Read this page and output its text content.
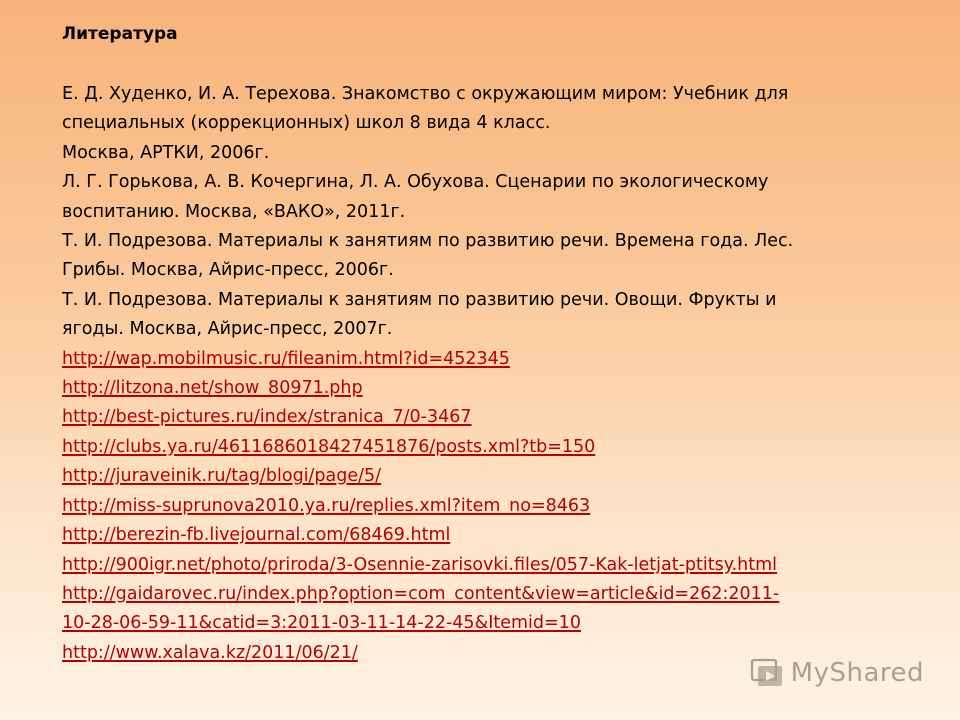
Литература
Е. Д. Худенко, И. А. Терехова. Знакомство с окружающим миром: Учебник для
специальных (коррекционных) школ 8 вида 4 класс.
Москва, АРТКИ, 2006г.
Л. Г. Горькова, А. В. Кочергина, Л. А. Обухова. Сценарии по экологическому
воспитанию. Москва, «ВАКО», 2011г.
Т. И. Подрезова. Материалы к занятиям по развитию речи. Времена года. Лес.
Грибы. Москва, Айрис-пресс, 2006г.
Т. И. Подрезова. Материалы к занятиям по развитию речи. Овощи. Фрукты и
ягоды. Москва, Айрис-пресс, 2007г.
http://wap.mobilmusic.ru/fileanim.html?id=452345
http://litzona.net/show_80971.php
http://best-pictures.ru/index/stranica_7/0-3467
http://clubs.ya.ru/4611686018427451876/posts.xml?tb=150
http://juraveinik.ru/tag/blogi/page/5/
http://miss-suprunova2010.ya.ru/replies.xml?item_no=8463
http://berezin-fb.livejournal.com/68469.html
http://900igr.net/photo/priroda/3-Osennie-zarisovki.files/057-Kak-letjat-ptitsy.html
http://gaidarovec.ru/index.php?option=com_content&view=article&id=262:2011-
10-28-06-59-11&catid=3:2011-03-11-14-22-45&Itemid=10
http://www.xalava.kz/2011/06/21/
MyShared
